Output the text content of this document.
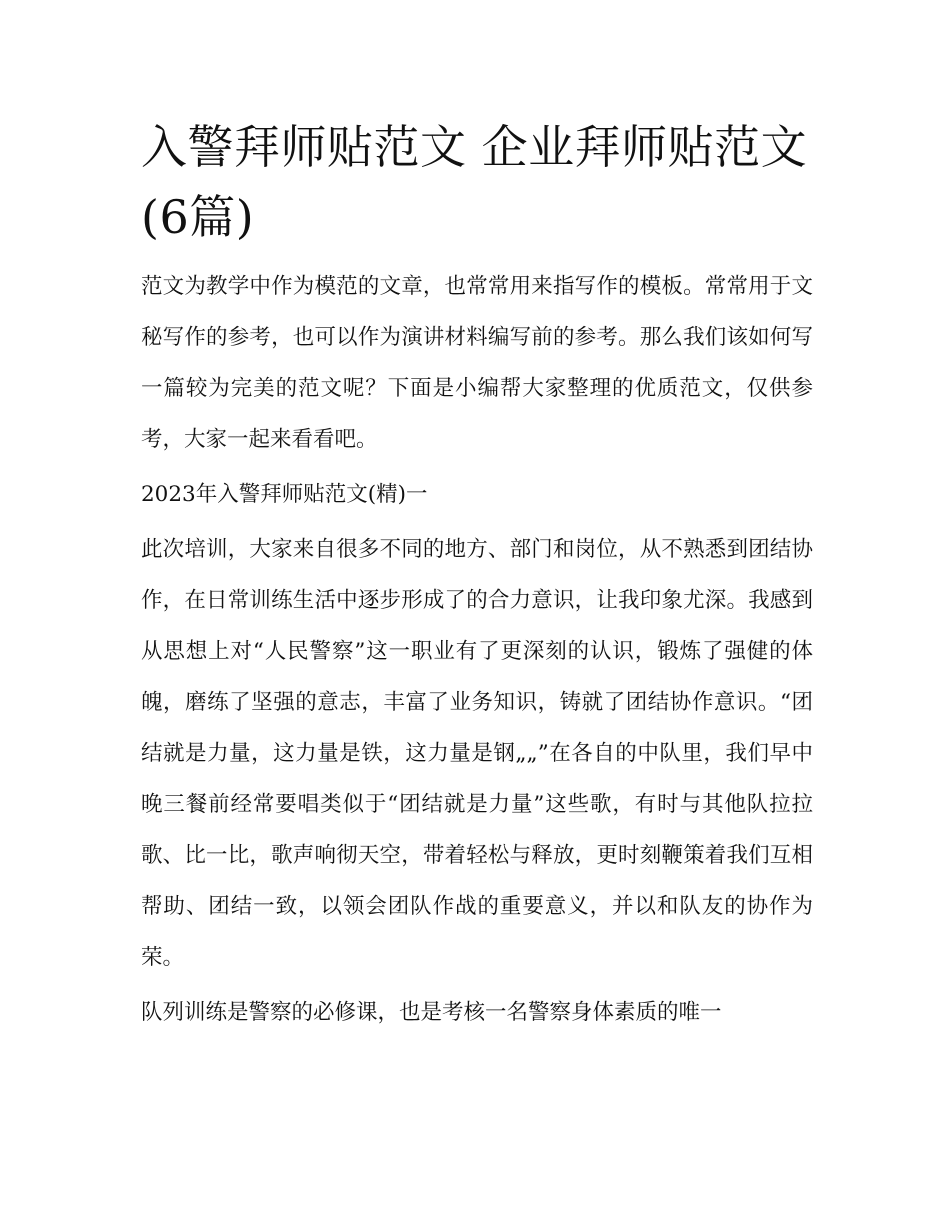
入警拜师贴范文 企业拜师贴范文(6篇)

范文为教学中作为模范的文章，也常常用来指写作的模板。常常用于文秘写作的参考，也可以作为演讲材料编写前的参考。那么我们该如何写一篇较为完美的范文呢？下面是小编帮大家整理的优质范文，仅供参考，大家一起来看看吧。

2023年入警拜师贴范文(精)一

此次培训，大家来自很多不同的地方、部门和岗位，从不熟悉到团结协作，在日常训练生活中逐步形成了的合力意识，让我印象尤深。我感到从思想上对“人民警察”这一职业有了更深刻的认识，锻炼了强健的体魄，磨练了坚强的意志，丰富了业务知识，铸就了团结协作意识。“团结就是力量，这力量是铁，这力量是钢„„”在各自的中队里，我们早中晚三餐前经常要唱类似于“团结就是力量”这些歌，有时与其他队拉拉歌、比一比，歌声响彻天空，带着轻松与释放，更时刻鞭策着我们互相帮助、团结一致，以领会团队作战的重要意义，并以和队友的协作为荣。

队列训练是警察的必修课，也是考核一名警察身体素质的唯一
